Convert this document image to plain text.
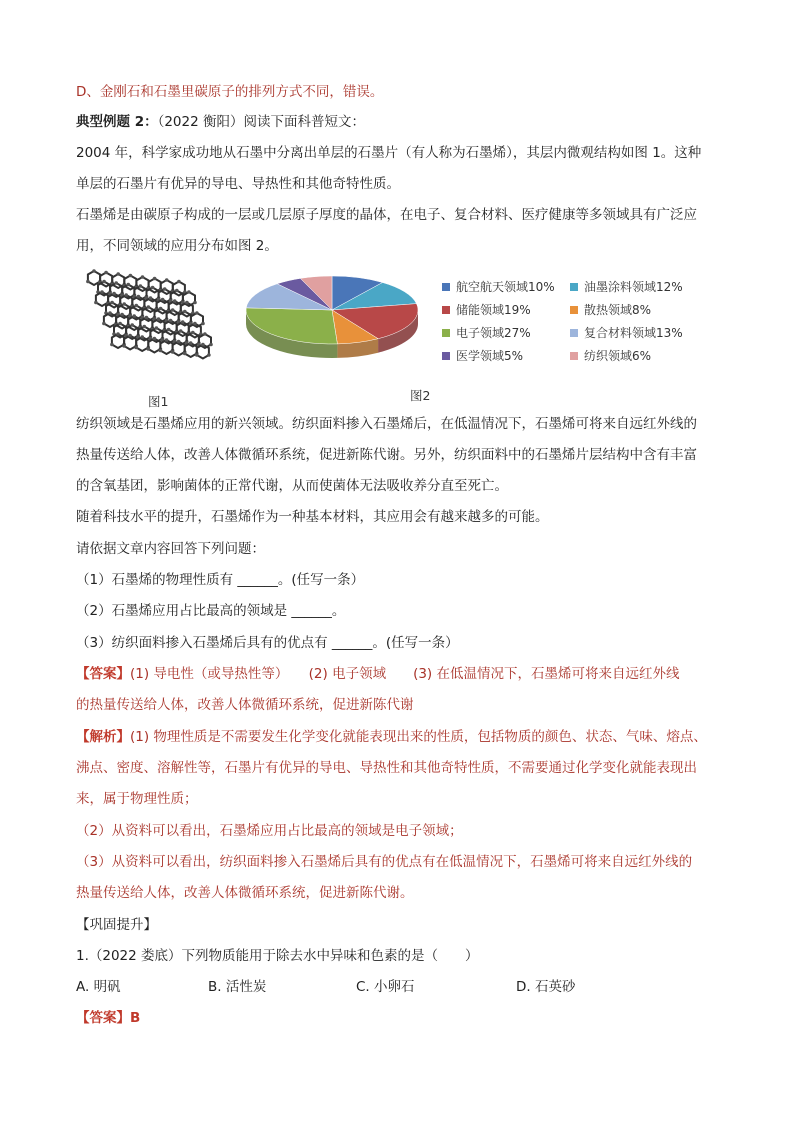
D、金刚石和石墨里碳原子的排列方式不同，错误。
典型例题 2：（2022 衡阳）阅读下面科普短文：
2004 年，科学家成功地从石墨中分离出单层的石墨片（有人称为石墨烯），其层内微观结构如图 1。这种
单层的石墨片有优异的导电、导热性和其他奇特性质。
石墨烯是由碳原子构成的一层或几层原子厚度的晶体，在电子、复合材料、医疗健康等多领域具有广泛应
用，不同领域的应用分布如图 2。
图1	图2
航空航天领域10% 油墨涂料领域12%
储能领域19%	散热领域8%
电子领域27%	复合材料领域13%
医学领域5%	纺织领域6%
纺织领域是石墨烯应用的新兴领域。纺织面料掺入石墨烯后，在低温情况下，石墨烯可将来自远红外线的
热量传送给人体，改善人体微循环系统，促进新陈代谢。另外，纺织面料中的石墨烯片层结构中含有丰富
的含氧基团，影响菌体的正常代谢，从而使菌体无法吸收养分直至死亡。
随着科技水平的提升，石墨烯作为一种基本材料，其应用会有越来越多的可能。
请依据文章内容回答下列问题：
（1）石墨烯的物理性质有 ______。(任写一条）
（2）石墨烯应用占比最高的领域是 ______。
（3）纺织面料掺入石墨烯后具有的优点有 ______。(任写一条）
【答案】(1) 导电性（或导热性等）　　(2) 电子领域　　(3) 在低温情况下，石墨烯可将来自远红外线
的热量传送给人体，改善人体微循环系统，促进新陈代谢
【解析】(1) 物理性质是不需要发生化学变化就能表现出来的性质，包括物质的颜色、状态、气味、熔点、
沸点、密度、溶解性等，石墨片有优异的导电、导热性和其他奇特性质，不需要通过化学变化就能表现出
来，属于物理性质；
（2）从资料可以看出，石墨烯应用占比最高的领域是电子领域；
（3）从资料可以看出，纺织面料掺入石墨烯后具有的优点有在低温情况下，石墨烯可将来自远红外线的
热量传送给人体，改善人体微循环系统，促进新陈代谢。
【巩固提升】
1.（2022 娄底）下列物质能用于除去水中异味和色素的是（　　）
A. 明矾	B. 活性炭	C. 小卵石	D. 石英砂
【答案】B
